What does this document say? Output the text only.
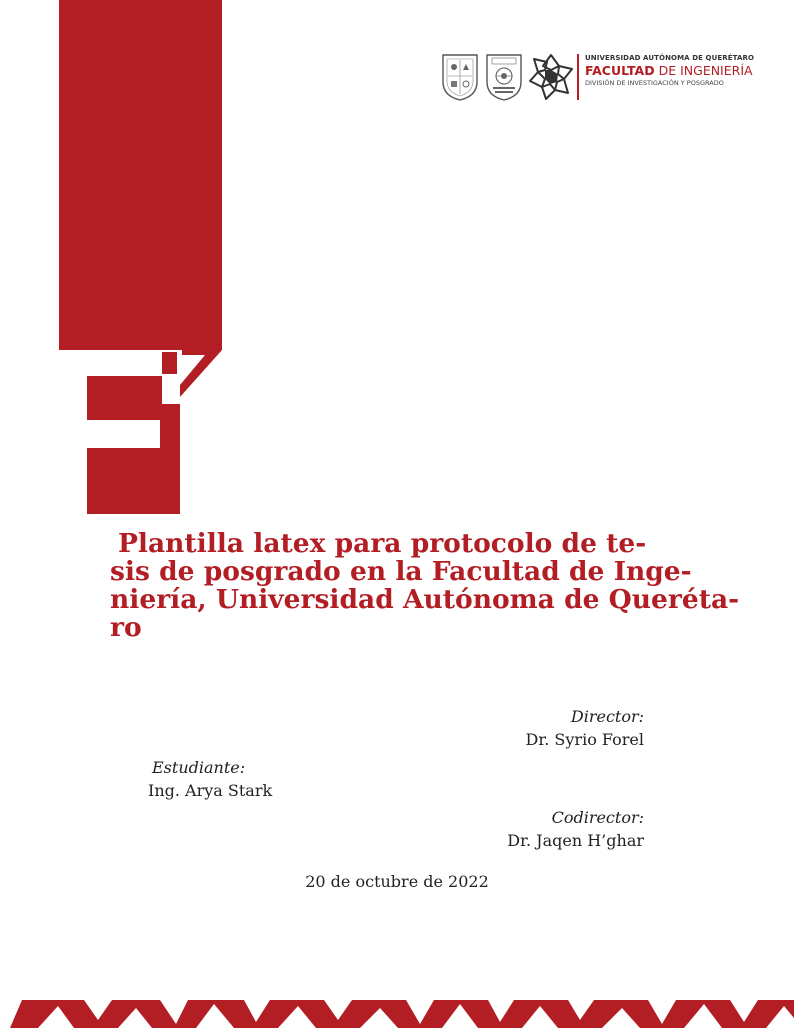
UNIVERSIDAD AUTÓNOMA DE QUERÉTARO
FACULTAD DE INGENIERÍA
DIVISIÓN DE INVESTIGACIÓN Y POSGRADO
Plantilla latex para protocolo de te-
sis de posgrado en la Facultad de Inge-
niería, Universidad Autónoma de Querétа-
ro
Director:
Dr. Syrio Forel
Estudiante:
Ing. Arya Stark
Codirector:
Dr. Jaqen H’ghar
20 de octubre de 2022
